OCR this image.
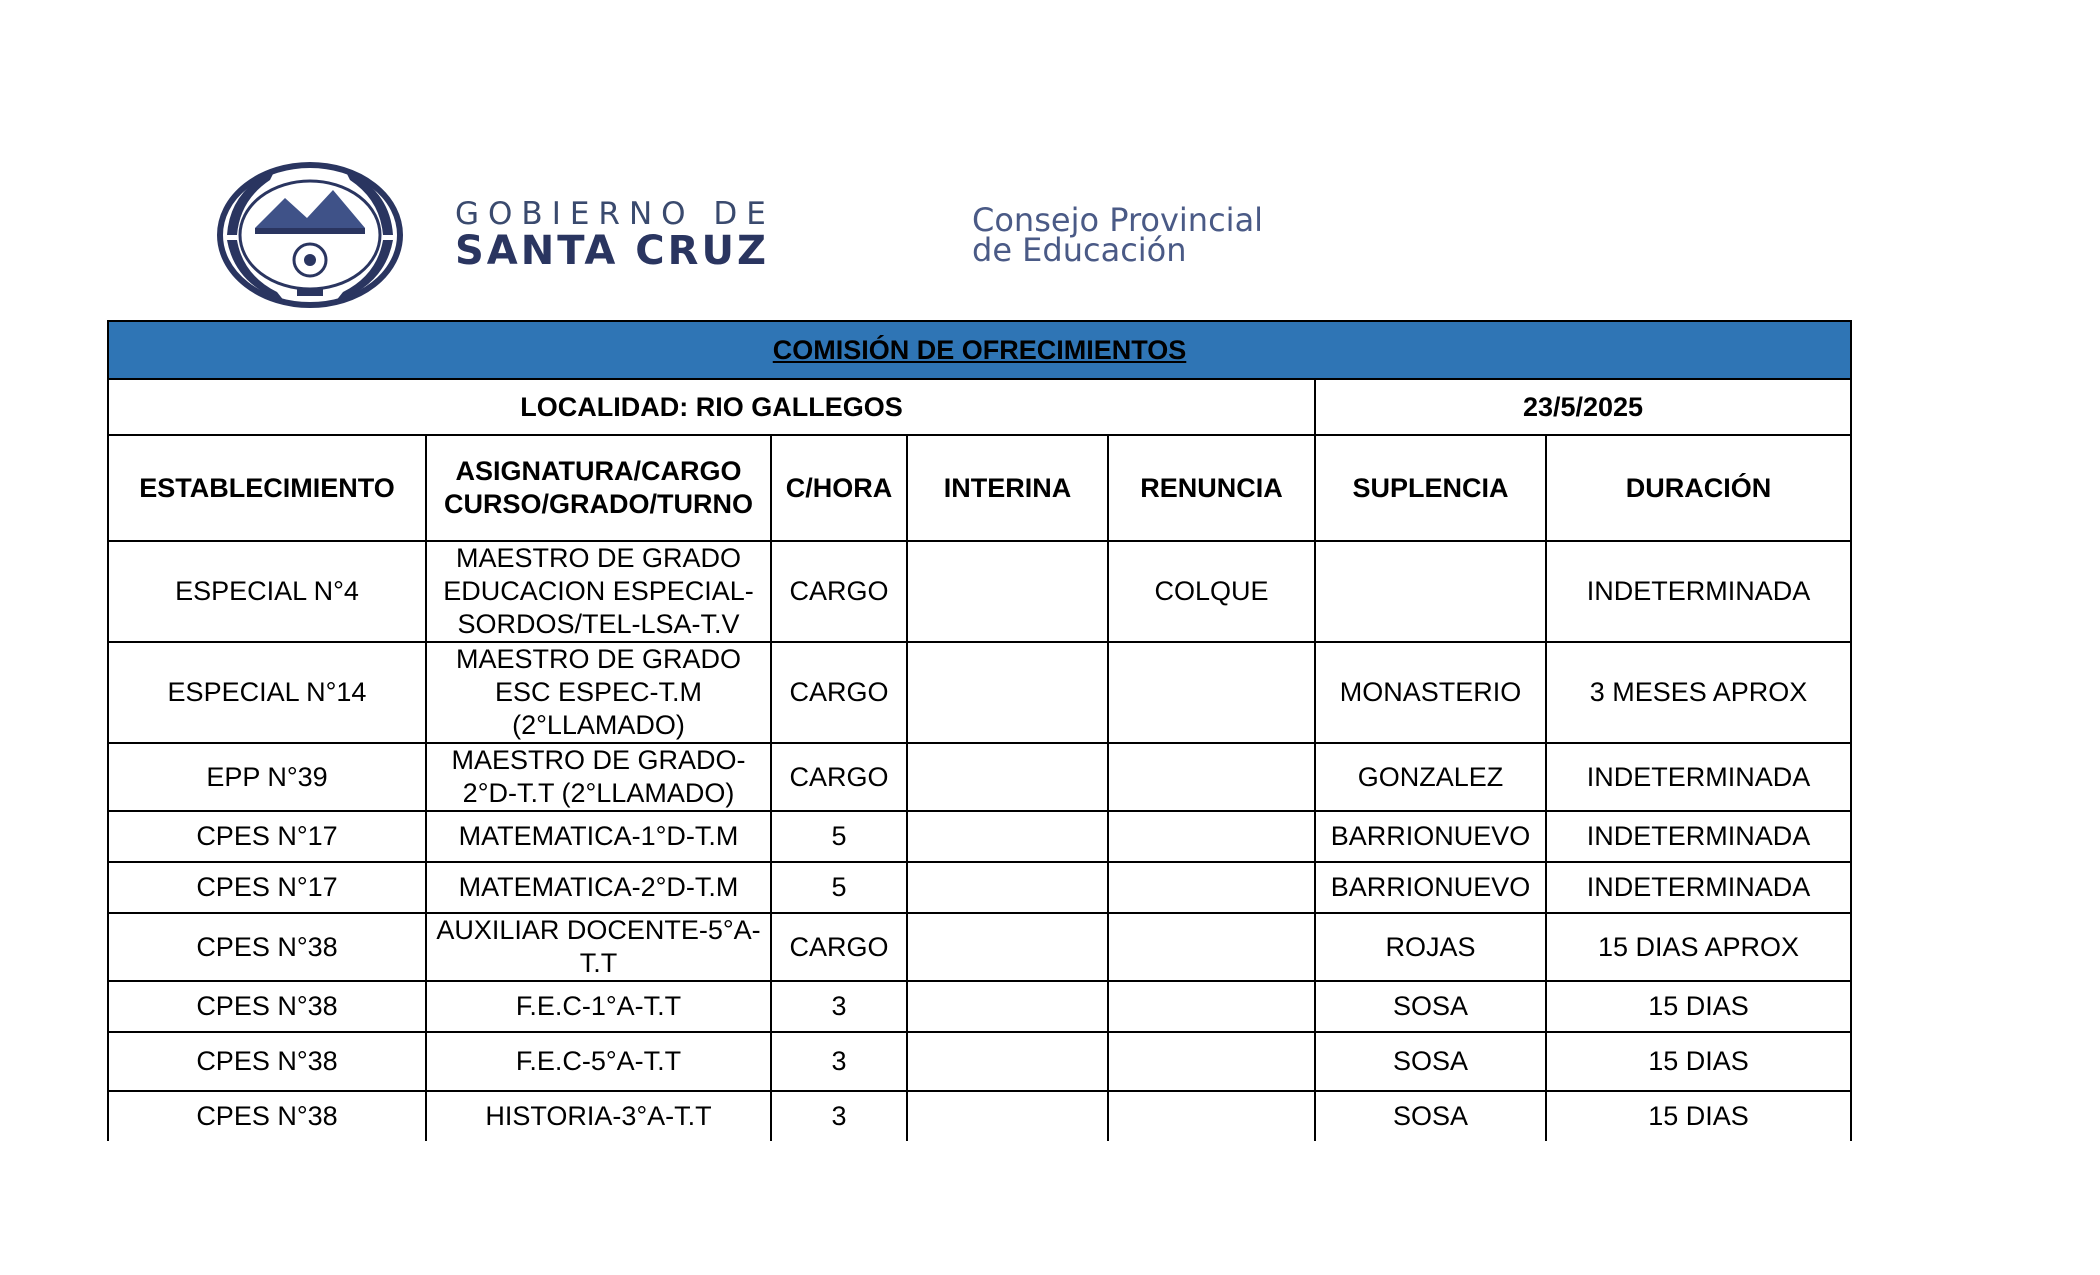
GOBIERNO DE
SANTA CRUZ
Consejo Provincial
de Educación
COMISIÓN DE OFRECIMIENTOS						
LOCALIDAD: RIO GALLEGOS					23/5/2025	
ESTABLECIMIENTO	ASIGNATURA/CARGO
CURSO/GRADO/TURNO	C/HORA	INTERINA	RENUNCIA	SUPLENCIA	DURACIÓN
ESPECIAL N°4	MAESTRO DE GRADO
EDUCACION ESPECIAL-
SORDOS/TEL-LSA-T.V	CARGO		COLQUE		INDETERMINADA
ESPECIAL N°14	MAESTRO DE GRADO
ESC ESPEC-T.M
(2°LLAMADO)	CARGO			MONASTERIO	3 MESES APROX
EPP N°39	MAESTRO DE GRADO-
2°D-T.T (2°LLAMADO)	CARGO			GONZALEZ	INDETERMINADA
CPES N°17	MATEMATICA-1°D-T.M	5			BARRIONUEVO	INDETERMINADA
CPES N°17	MATEMATICA-2°D-T.M	5			BARRIONUEVO	INDETERMINADA
CPES N°38	AUXILIAR DOCENTE-5°A-
T.T	CARGO			ROJAS	15 DIAS APROX
CPES N°38	F.E.C-1°A-T.T	3			SOSA	15 DIAS
CPES N°38	F.E.C-5°A-T.T	3			SOSA	15 DIAS
CPES N°38	HISTORIA-3°A-T.T	3			SOSA	15 DIAS
